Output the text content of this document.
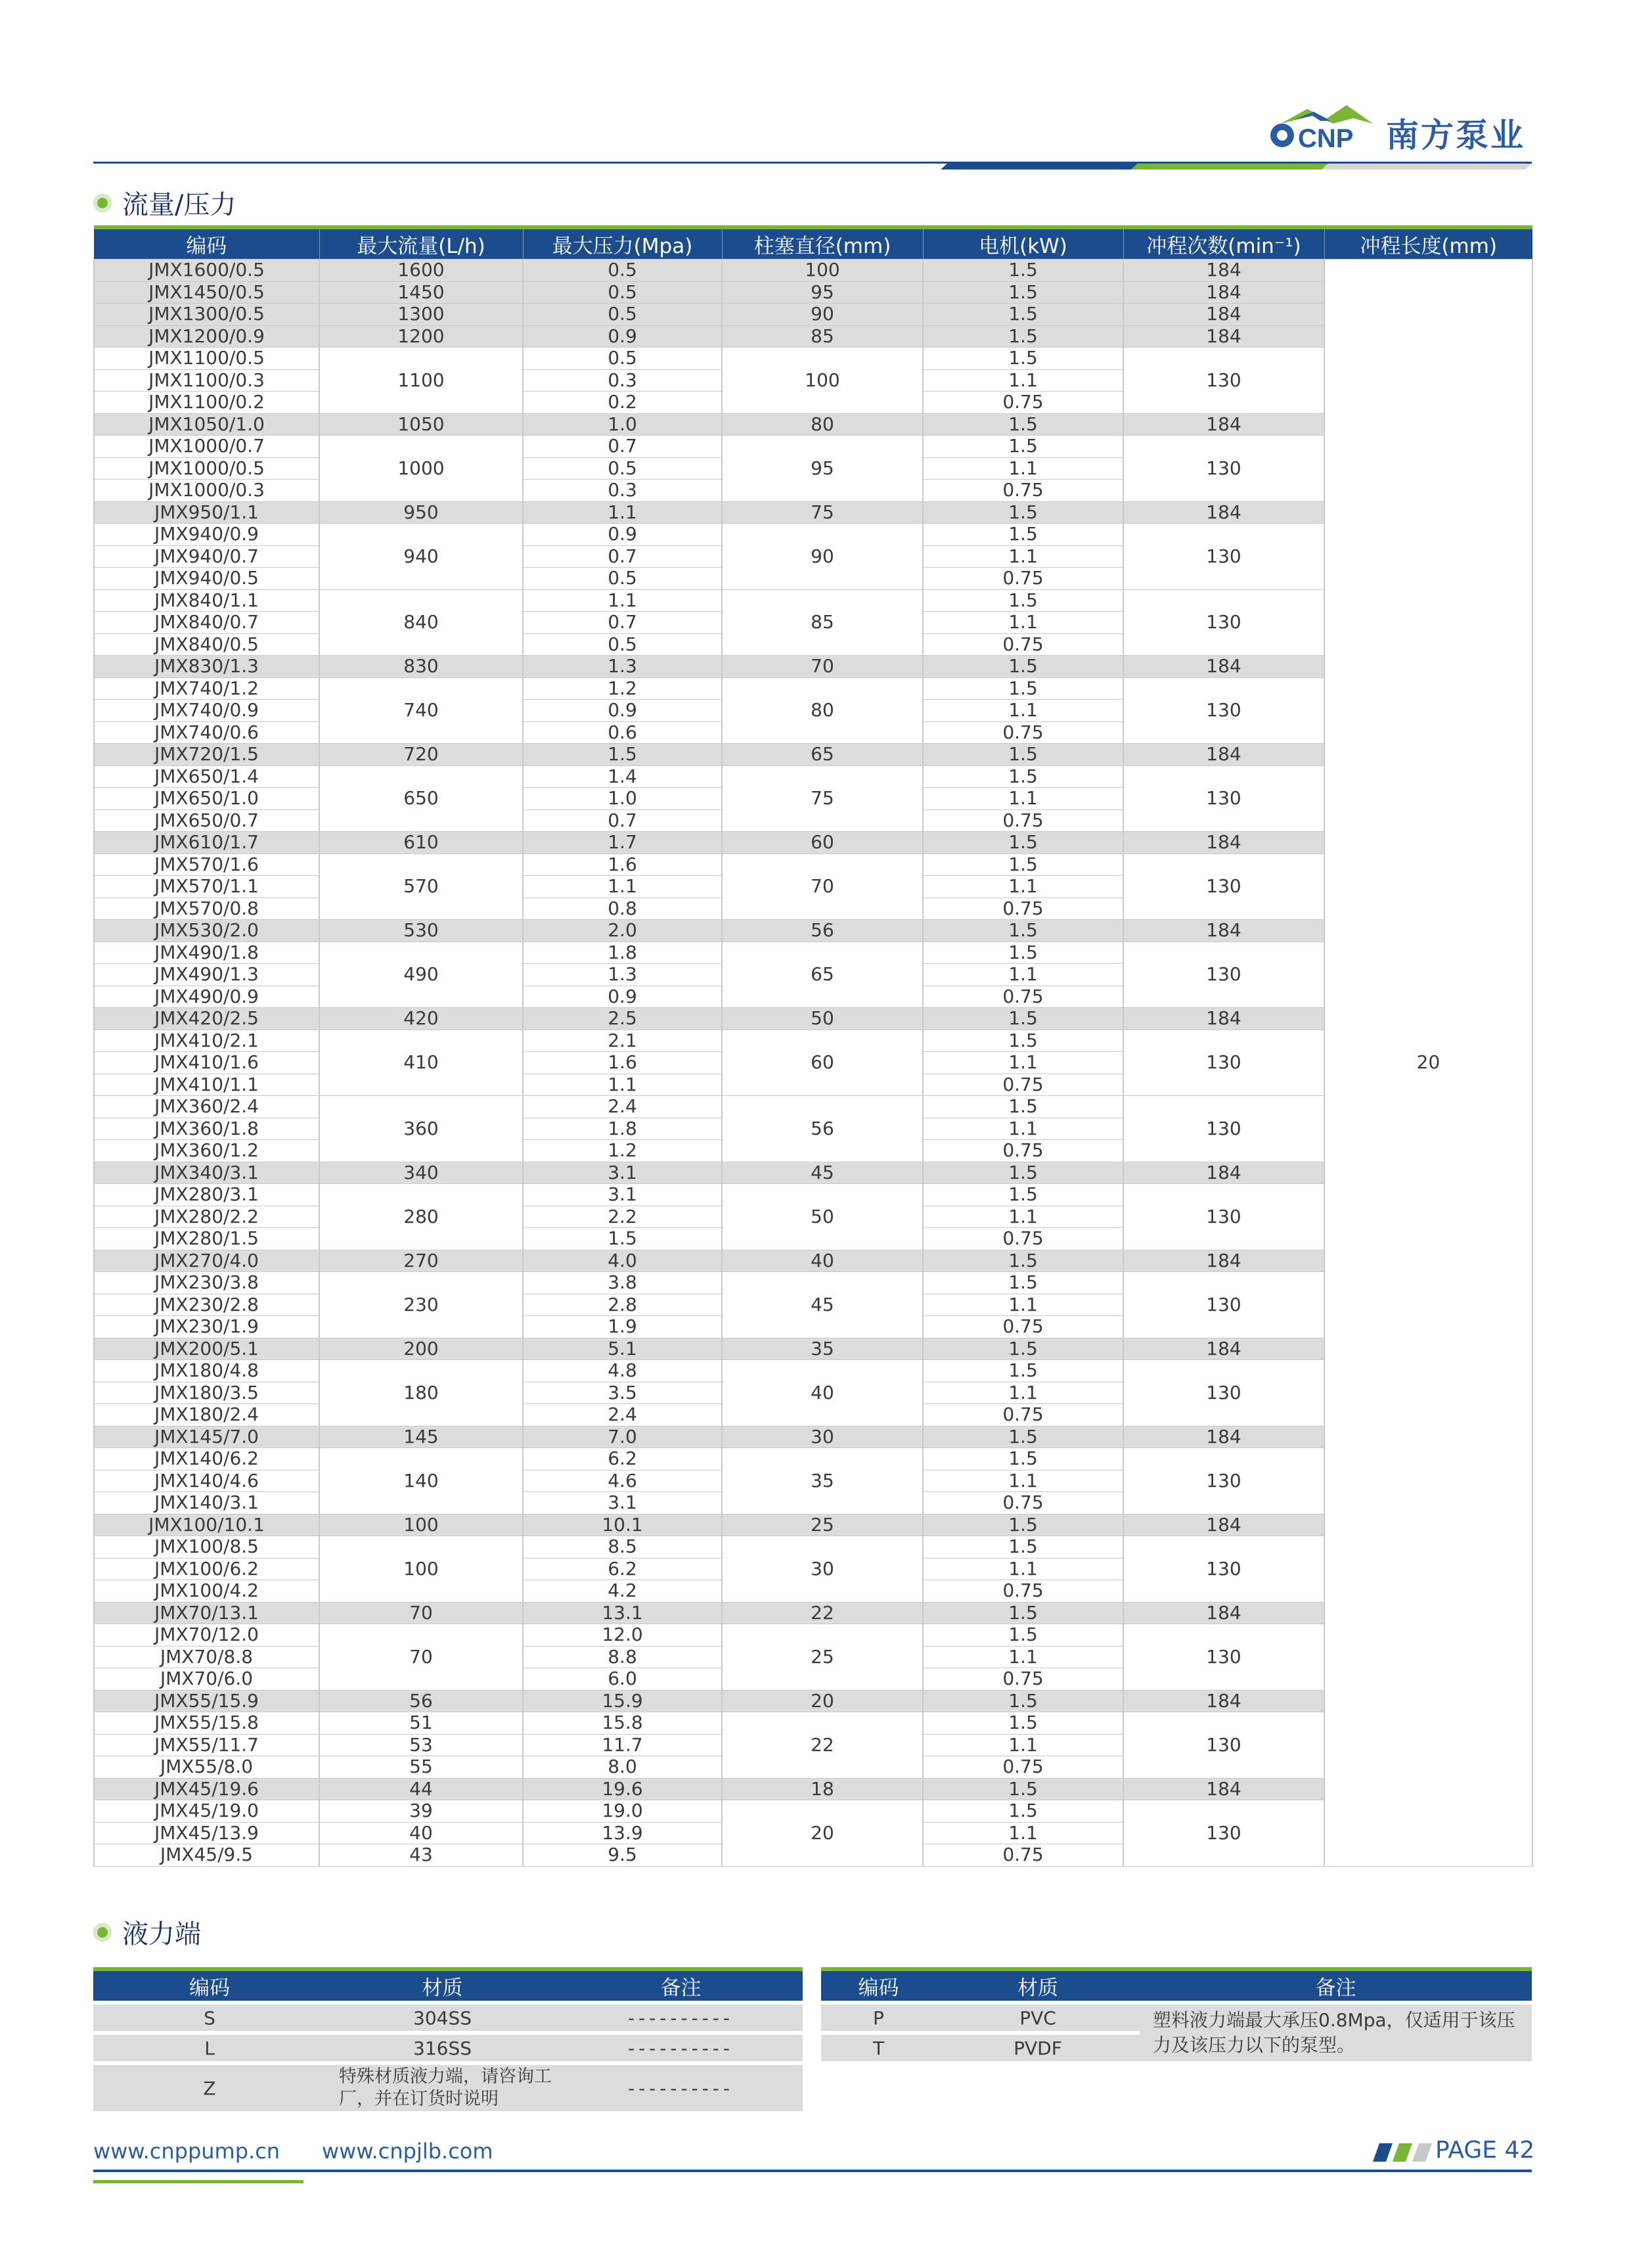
CNP 南方泵业
流量/压力
编码	最大流量(L/h)	最大压力(Mpa)	柱塞直径(mm)	电机(kW)	冲程次数(min⁻¹)	冲程长度(mm)
JMX1600/0.5	1600	0.5	100	1.5	184	20
JMX1450/0.5	1450	0.5	95	1.5	184	
JMX1300/0.5	1300	0.5	90	1.5	184	
JMX1200/0.9	1200	0.9	85	1.5	184	
JMX1100/0.5	1100	0.5	100	1.5	130	
JMX1100/0.3		0.3		1.1		
JMX1100/0.2		0.2		0.75		
JMX1050/1.0	1050	1.0	80	1.5	184	
JMX1000/0.7	1000	0.7	95	1.5	130	
JMX1000/0.5		0.5		1.1		
JMX1000/0.3		0.3		0.75		
JMX950/1.1	950	1.1	75	1.5	184	
JMX940/0.9	940	0.9	90	1.5	130	
JMX940/0.7		0.7		1.1		
JMX940/0.5		0.5		0.75		
JMX840/1.1	840	1.1	85	1.5	130	
JMX840/0.7		0.7		1.1		
JMX840/0.5		0.5		0.75		
JMX830/1.3	830	1.3	70	1.5	184	
JMX740/1.2	740	1.2	80	1.5	130	
JMX740/0.9		0.9		1.1		
JMX740/0.6		0.6		0.75		
JMX720/1.5	720	1.5	65	1.5	184	
JMX650/1.4	650	1.4	75	1.5	130	
JMX650/1.0		1.0		1.1		
JMX650/0.7		0.7		0.75		
JMX610/1.7	610	1.7	60	1.5	184	
JMX570/1.6	570	1.6	70	1.5	130	
JMX570/1.1		1.1		1.1		
JMX570/0.8		0.8		0.75		
JMX530/2.0	530	2.0	56	1.5	184	
JMX490/1.8	490	1.8	65	1.5	130	
JMX490/1.3		1.3		1.1		
JMX490/0.9		0.9		0.75		
JMX420/2.5	420	2.5	50	1.5	184	
JMX410/2.1	410	2.1	60	1.5	130	
JMX410/1.6		1.6		1.1		
JMX410/1.1		1.1		0.75		
JMX360/2.4	360	2.4	56	1.5	130	
JMX360/1.8		1.8		1.1		
JMX360/1.2		1.2		0.75		
JMX340/3.1	340	3.1	45	1.5	184	
JMX280/3.1	280	3.1	50	1.5	130	
JMX280/2.2		2.2		1.1		
JMX280/1.5		1.5		0.75		
JMX270/4.0	270	4.0	40	1.5	184	
JMX230/3.8	230	3.8	45	1.5	130	
JMX230/2.8		2.8		1.1		
JMX230/1.9		1.9		0.75		
JMX200/5.1	200	5.1	35	1.5	184	
JMX180/4.8	180	4.8	40	1.5	130	
JMX180/3.5		3.5		1.1		
JMX180/2.4		2.4		0.75		
JMX145/7.0	145	7.0	30	1.5	184	
JMX140/6.2	140	6.2	35	1.5	130	
JMX140/4.6		4.6		1.1		
JMX140/3.1		3.1		0.75		
JMX100/10.1	100	10.1	25	1.5	184	
JMX100/8.5	100	8.5	30	1.5	130	
JMX100/6.2		6.2		1.1		
JMX100/4.2		4.2		0.75		
JMX70/13.1	70	13.1	22	1.5	184	
JMX70/12.0	70	12.0	25	1.5	130	
JMX70/8.8		8.8		1.1		
JMX70/6.0		6.0		0.75		
JMX55/15.9	56	15.9	20	1.5	184	
JMX55/15.8	51	15.8	22	1.5	130	
JMX55/11.7	53	11.7		1.1		
JMX55/8.0	55	8.0		0.75		
JMX45/19.6	44	19.6	18	1.5	184	
JMX45/19.0	39	19.0	20	1.5	130	
JMX45/13.9	40	13.9		1.1		
JMX45/9.5	43	9.5		0.75		
液力端
编码	材质	备注
S	304SS	----------
L	316SS	----------
Z	特殊材质液力端，请咨询工厂，并在订货时说明	----------
编码	材质	备注
P	PVC	塑料液力端最大承压0.8Mpa，仅适用于该压力及该压力以下的泵型。
T	PVDF	
www.cnppump.cn www.cnpjlb.com	PAGE 42
